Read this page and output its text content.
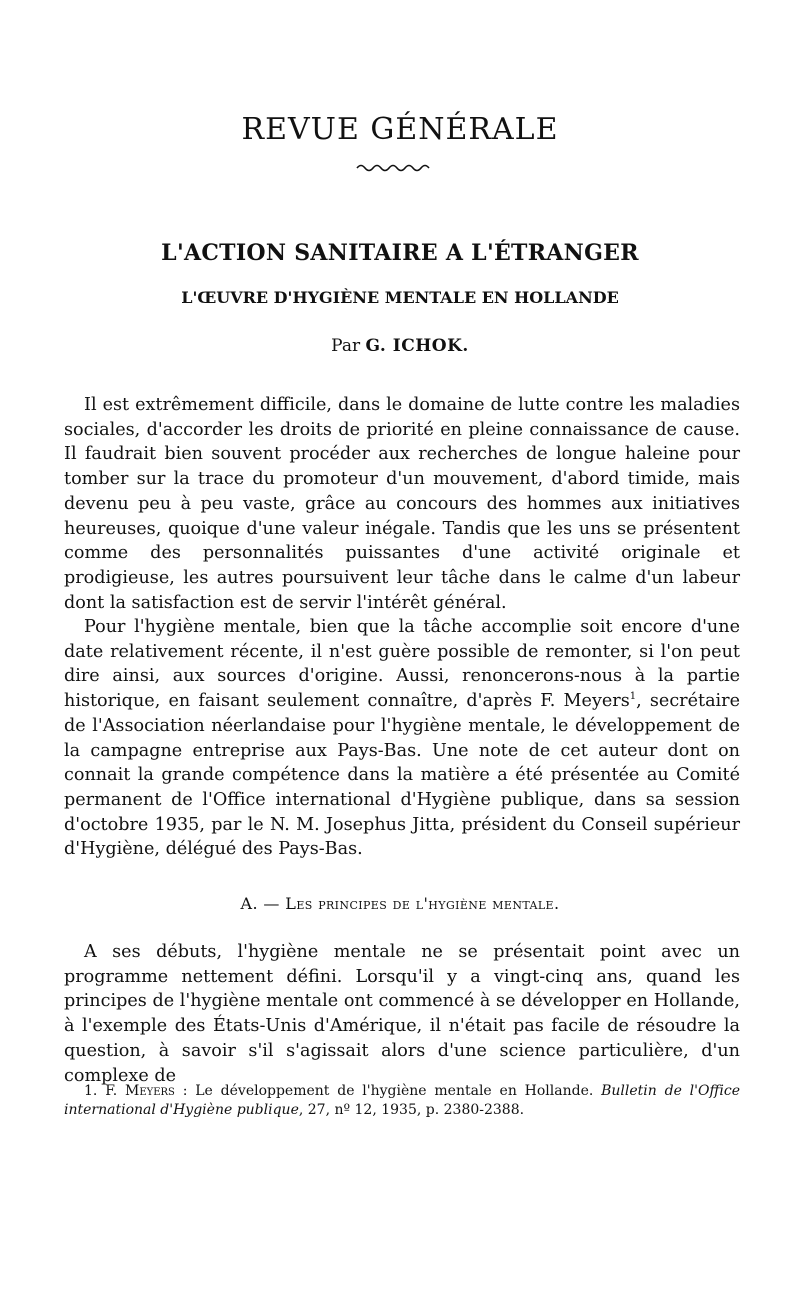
REVUE GÉNÉRALE
L'ACTION SANITAIRE A L'ÉTRANGER
L'ŒUVRE D'HYGIÈNE MENTALE EN HOLLANDE
Par G. ICHOK.

Il est extrêmement difficile, dans le domaine de lutte contre les maladies sociales, d'accorder les droits de priorité en pleine connaissance de cause. Il faudrait bien souvent procéder aux recherches de longue haleine pour tomber sur la trace du promoteur d'un mouvement, d'abord timide, mais devenu peu à peu vaste, grâce au concours des hommes aux initiatives heureuses, quoique d'une valeur inégale. Tandis que les uns se présentent comme des personnalités puissantes d'une activité originale et prodigieuse, les autres poursuivent leur tâche dans le calme d'un labeur dont la satisfaction est de servir l'intérêt général.

Pour l'hygiène mentale, bien que la tâche accomplie soit encore d'une date relativement récente, il n'est guère possible de remonter, si l'on peut dire ainsi, aux sources d'origine. Aussi, renoncerons-nous à la partie historique, en faisant seulement connaître, d'après F. Meyers$^1$, secrétaire de l'Association néerlandaise pour l'hygiène mentale, le développement de la campagne entreprise aux Pays-Bas. Une note de cet auteur dont on connait la grande compétence dans la matière a été présentée au Comité permanent de l'Office international d'Hygiène publique, dans sa session d'octobre 1935, par le N. M. Josephus Jitta, président du Conseil supérieur d'Hygiène, délégué des Pays-Bas.

A. — Les principes de l'hygiène mentale.

A ses débuts, l'hygiène mentale ne se présentait point avec un programme nettement défini. Lorsqu'il y a vingt-cinq ans, quand les principes de l'hygiène mentale ont commencé à se développer en Hollande, à l'exemple des États-Unis d'Amérique, il n'était pas facile de résoudre la question, à savoir s'il s'agissait alors d'une science particulière, d'un complexe de

1. F. Meyers : Le développement de l'hygiène mentale en Hollande. Bulletin de l'Office international d'Hygiène publique, 27, nº 12, 1935, p. 2380-2388.
